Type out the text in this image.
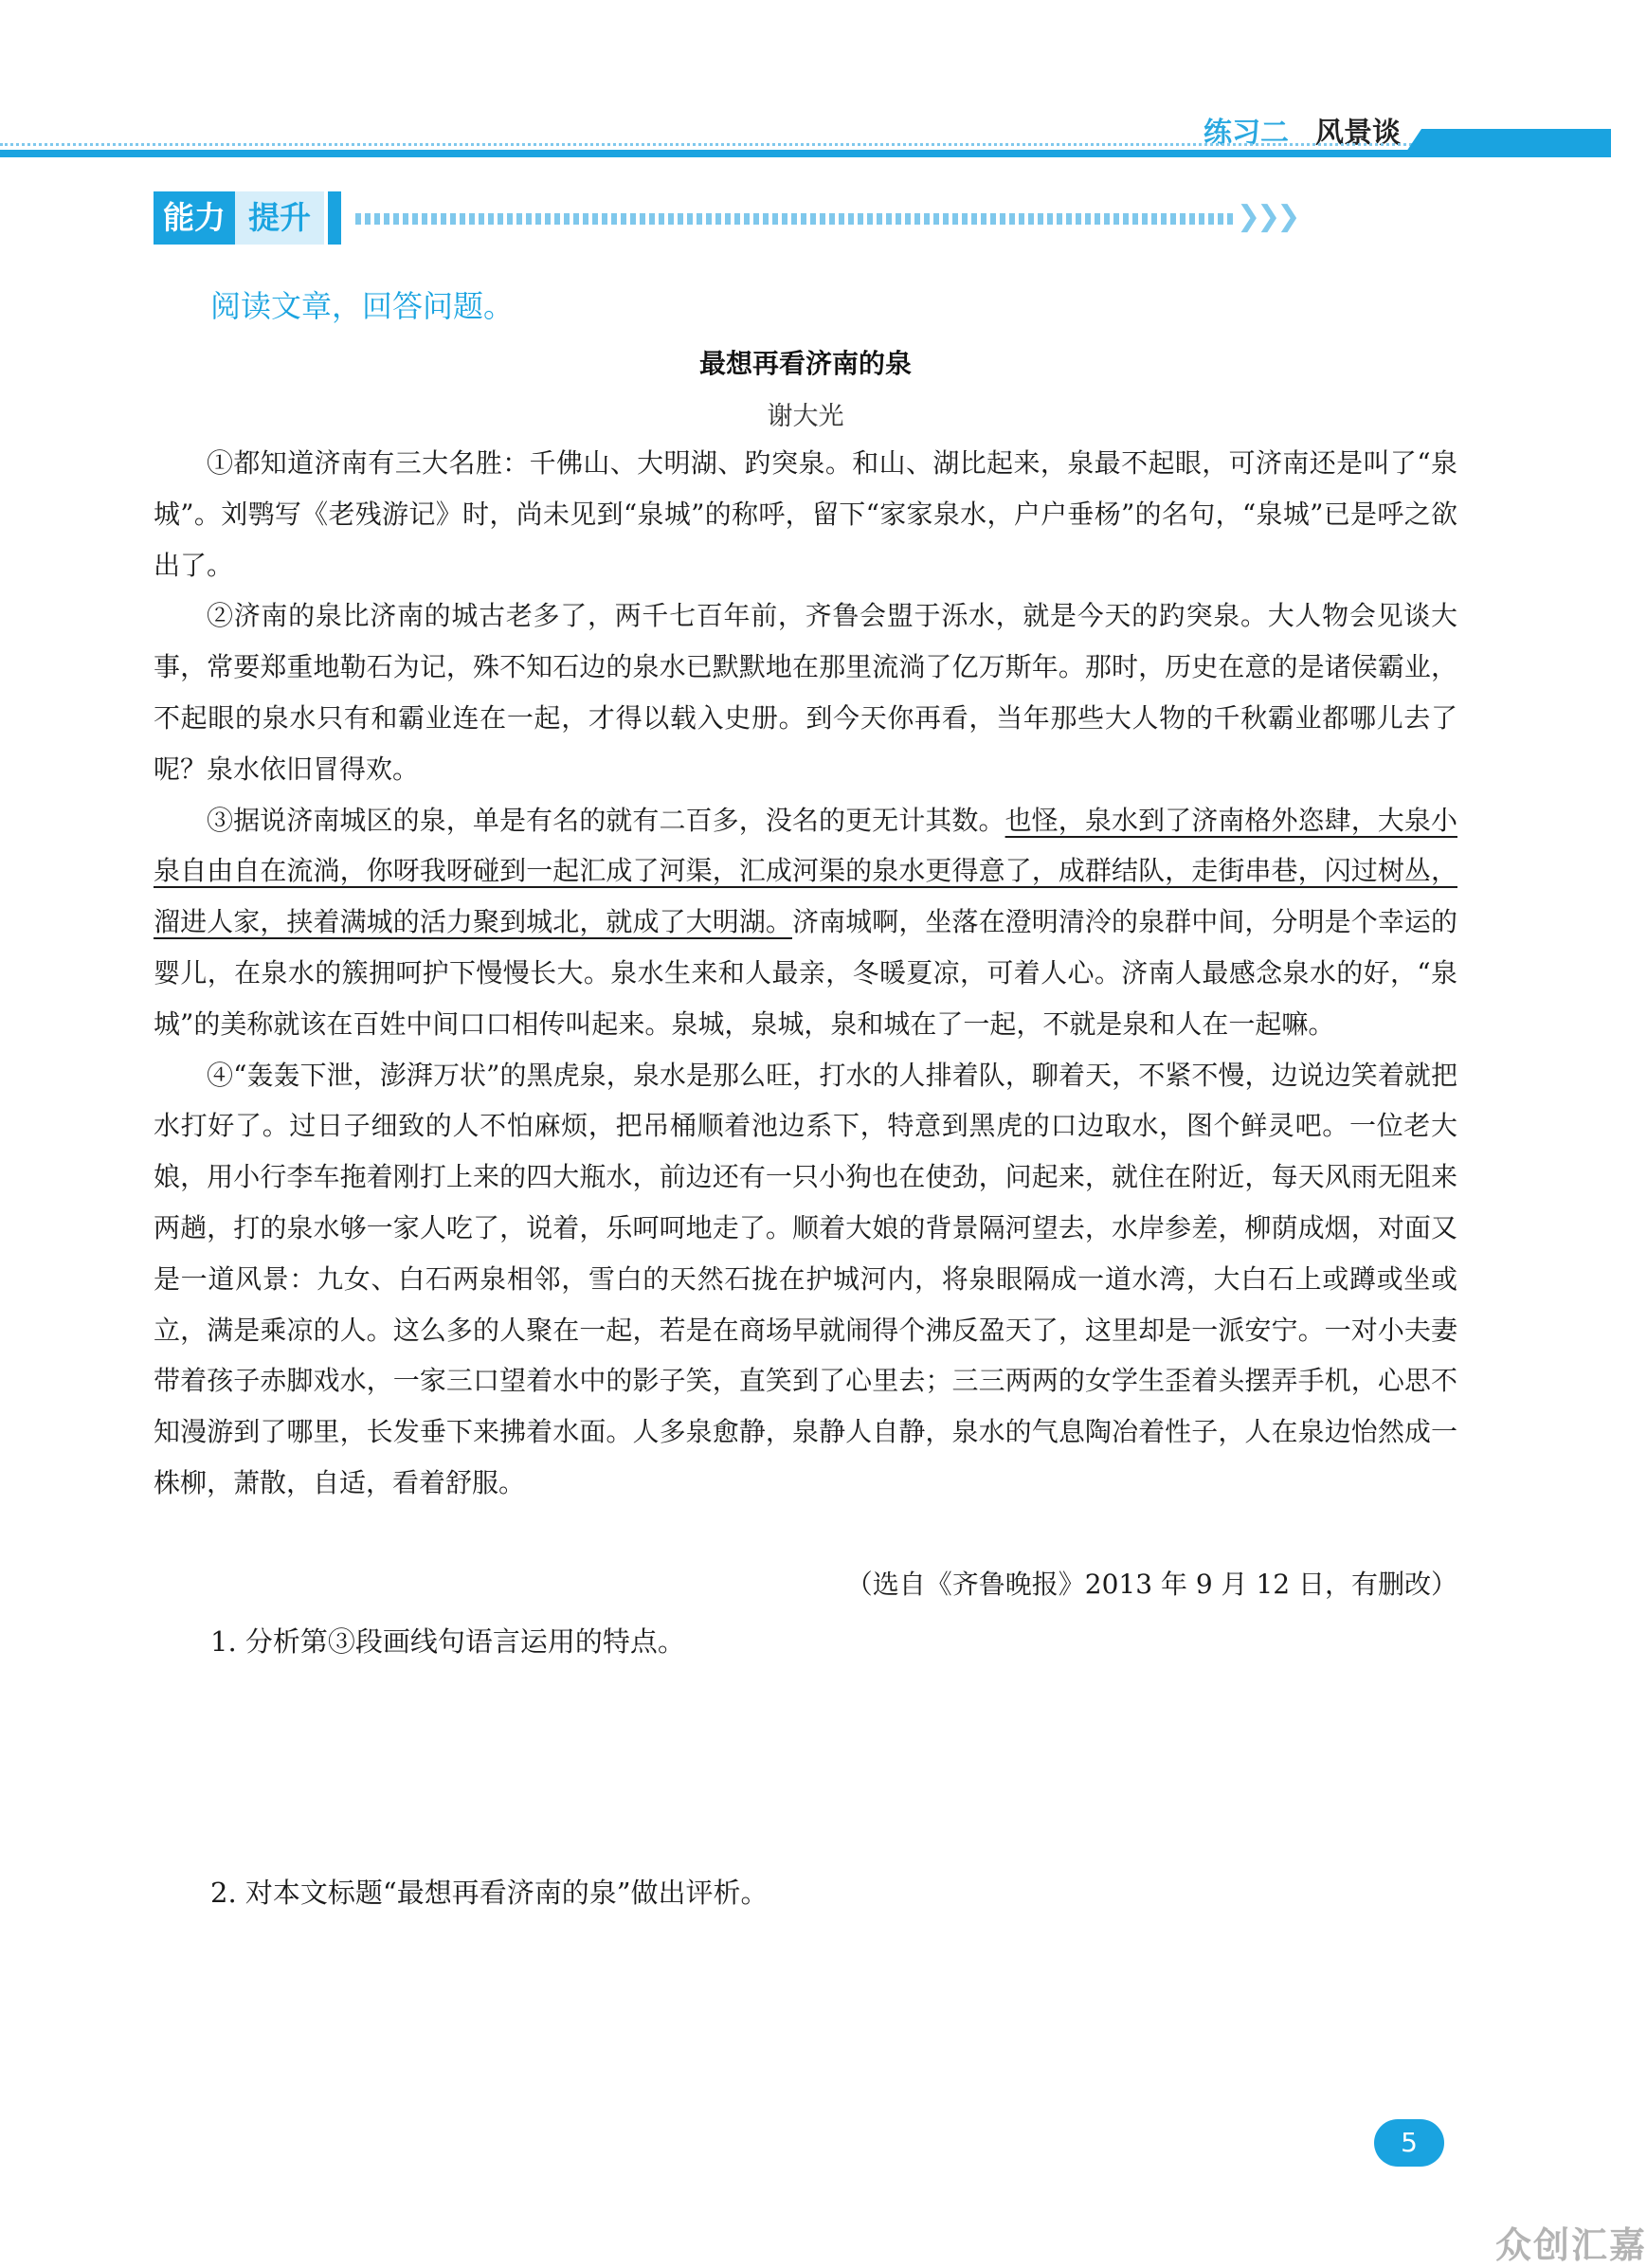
练习二 风景谈
能力 提升	❯❯❯
阅读文章，回答问题。
最想再看济南的泉
谢大光

①都知道济南有三大名胜：千佛山、大明湖、趵突泉。和山、湖比起来，泉最不起眼，可济南还是叫了“泉城”。刘鹗写《老残游记》时，尚未见到“泉城”的称呼，留下“家家泉水，户户垂杨”的名句，“泉城”已是呼之欲出了。

②济南的泉比济南的城古老多了，两千七百年前，齐鲁会盟于泺水，就是今天的趵突泉。大人物会见谈大事，常要郑重地勒石为记，殊不知石边的泉水已默默地在那里流淌了亿万斯年。那时，历史在意的是诸侯霸业，不起眼的泉水只有和霸业连在一起，才得以载入史册。到今天你再看，当年那些大人物的千秋霸业都哪儿去了呢？泉水依旧冒得欢。

③据说济南城区的泉，单是有名的就有二百多，没名的更无计其数。也怪，泉水到了济南格外恣肆，大泉小泉自由自在流淌，你呀我呀碰到一起汇成了河渠，汇成河渠的泉水更得意了，成群结队，走街串巷，闪过树丛，溜进人家，挟着满城的活力聚到城北，就成了大明湖。济南城啊，坐落在澄明清泠的泉群中间，分明是个幸运的婴儿，在泉水的簇拥呵护下慢慢长大。泉水生来和人最亲，冬暖夏凉，可着人心。济南人最感念泉水的好，“泉城”的美称就该在百姓中间口口相传叫起来。泉城，泉城，泉和城在了一起，不就是泉和人在一起嘛。

④“轰轰下泄，澎湃万状”的黑虎泉，泉水是那么旺，打水的人排着队，聊着天，不紧不慢，边说边笑着就把水打好了。过日子细致的人不怕麻烦，把吊桶顺着池边系下，特意到黑虎的口边取水，图个鲜灵吧。一位老大娘，用小行李车拖着刚打上来的四大瓶水，前边还有一只小狗也在使劲，问起来，就住在附近，每天风雨无阻来两趟，打的泉水够一家人吃了，说着，乐呵呵地走了。顺着大娘的背景隔河望去，水岸参差，柳荫成烟，对面又是一道风景：九女、白石两泉相邻，雪白的天然石拢在护城河内，将泉眼隔成一道水湾，大白石上或蹲或坐或立，满是乘凉的人。这么多的人聚在一起，若是在商场早就闹得个沸反盈天了，这里却是一派安宁。一对小夫妻带着孩子赤脚戏水，一家三口望着水中的影子笑，直笑到了心里去；三三两两的女学生歪着头摆弄手机，心思不知漫游到了哪里，长发垂下来拂着水面。人多泉愈静，泉静人自静，泉水的气息陶冶着性子，人在泉边怡然成一株柳，萧散，自适，看着舒服。

（选自《齐鲁晚报》2013 年 9 月 12 日，有删改）
1. 分析第③段画线句语言运用的特点。
2. 对本文标题“最想再看济南的泉”做出评析。
5
众创汇嘉
